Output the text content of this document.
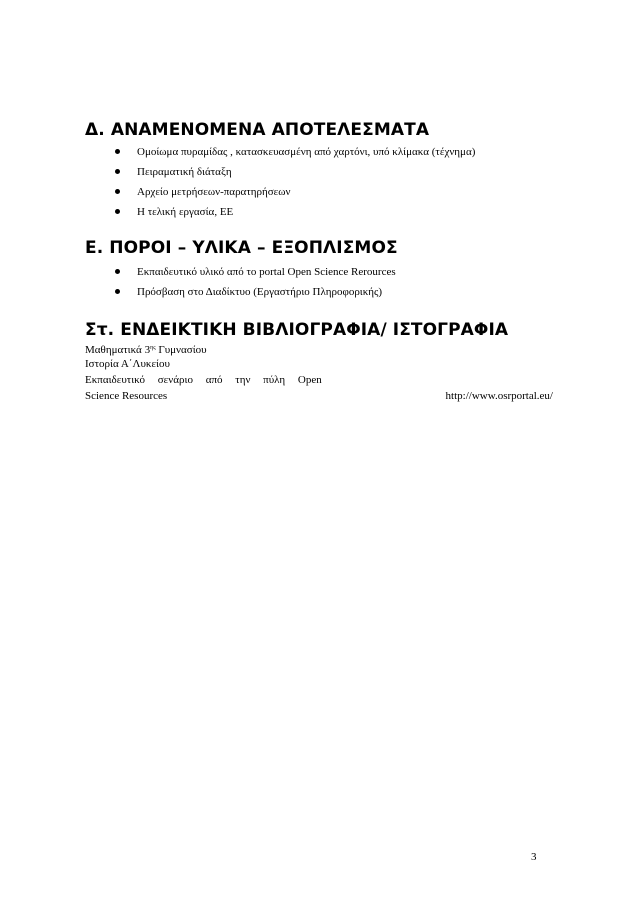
Δ. ΑΝΑΜΕΝΟΜΕΝΑ ΑΠΟΤΕΛΕΣΜΑΤΑ
Ομοίωμα πυραμίδας , κατασκευασμένη από χαρτόνι, υπό κλίμακα (τέχνημα)
Πειραματική διάταξη
Αρχείο μετρήσεων-παρατηρήσεων
Η τελική εργασία, ΕΕ
Ε. ΠΟΡΟΙ – ΥΛΙΚΑ – ΕΞΟΠΛΙΣΜΟΣ
Εκπαιδευτικό υλικό από το portal Open Science Rerources
Πρόσβαση στο Διαδίκτυο (Εργαστήριο Πληροφορικής)
Στ. ΕΝΔΕΙΚΤΙΚΗ ΒΙΒΛΙΟΓΡΑΦΙΑ/ ΙΣΤΟΓΡΑΦΙΑ
Μαθηματικά $3^{\eta\varsigma}$ Γυμνασίου
Ιστορία Α΄Λυκείου
Εκπαιδευτικό σενάριο από την πύλη Open
Science Resources	http://www.osrportal.eu/
3
